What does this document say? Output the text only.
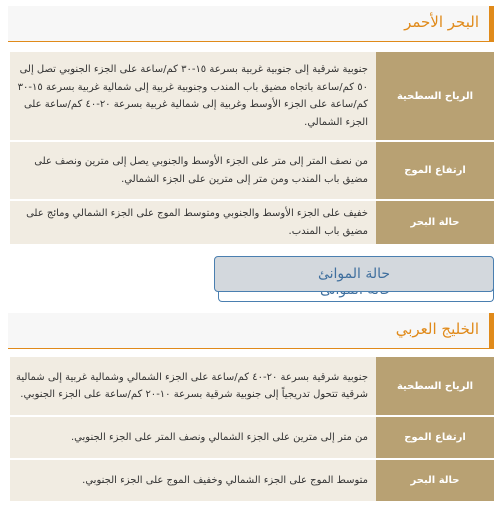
البحر الأحمر
الرياح السطحية	جنوبية شرقية إلى جنوبية غربية بسرعة ١٥-٣٠ كم/ساعة على الجزء الجنوبي تصل إلى ٥٠ كم/ساعة باتجاه مضيق باب المندب وجنوبية غربية إلى شمالية غربية بسرعة ١٥-٣٠ كم/ساعة على الجزء الأوسط وغربية إلى شمالية غربية بسرعة ٢٠-٤٠ كم/ساعة على الجزء الشمالي.
ارتفاع الموج	من نصف المتر إلى متر على الجزء الأوسط والجنوبي يصل إلى مترين ونصف على مضيق باب المندب ومن متر إلى مترين على الجزء الشمالي.
حالة البحر	خفيف على الجزء الأوسط والجنوبي ومتوسط الموج على الجزء الشمالي ومائج على مضيق باب المندب.
حالة الموانئ
الخليج العربي
الرياح السطحية	جنوبية شرقية بسرعة ٢٠-٤٠ كم/ساعة على الجزء الشمالي وشمالية غربية إلى شمالية شرقية تتحول تدريجياً إلى جنوبية شرقية بسرعة ١٠-٢٠ كم/ساعة على الجزء الجنوبي.
ارتفاع الموج	من متر إلى مترين على الجزء الشمالي ونصف المتر على الجزء الجنوبي.
حالة البحر	متوسط الموج على الجزء الشمالي وخفيف الموج على الجزء الجنوبي.
